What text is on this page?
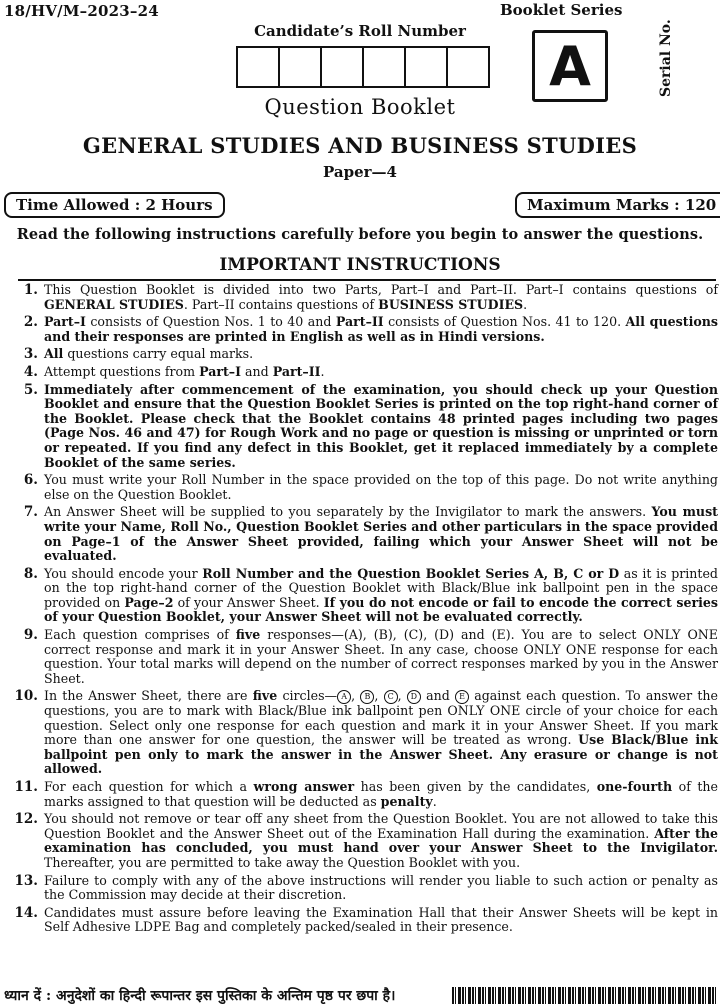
18/HV/M–2023–24	Booklet Series
Candidate’s Roll Number
A	Serial No.
Question Booklet
GENERAL STUDIES AND BUSINESS STUDIES
Paper—4
Time Allowed : 2 Hours	Maximum Marks : 120
Read the following instructions carefully before you begin to answer the questions.
IMPORTANT INSTRUCTIONS
1. This Question Booklet is divided into two Parts, Part–I and Part–II. Part–I contains questions of GENERAL STUDIES. Part–II contains questions of BUSINESS STUDIES.
2. Part–I consists of Question Nos. 1 to 40 and Part–II consists of Question Nos. 41 to 120. All questions and their responses are printed in English as well as in Hindi versions.
3. All questions carry equal marks.
4. Attempt questions from Part–I and Part–II.
5. Immediately after commencement of the examination, you should check up your Question Booklet and ensure that the Question Booklet Series is printed on the top right-hand corner of the Booklet. Please check that the Booklet contains 48 printed pages including two pages (Page Nos. 46 and 47) for Rough Work and no page or question is missing or unprinted or torn or repeated. If you find any defect in this Booklet, get it replaced immediately by a complete Booklet of the same series.
6. You must write your Roll Number in the space provided on the top of this page. Do not write anything else on the Question Booklet.
7. An Answer Sheet will be supplied to you separately by the Invigilator to mark the answers. You must write your Name, Roll No., Question Booklet Series and other particulars in the space provided on Page–1 of the Answer Sheet provided, failing which your Answer Sheet will not be evaluated.
8. You should encode your Roll Number and the Question Booklet Series A, B, C or D as it is printed on the top right-hand corner of the Question Booklet with Black/Blue ink ballpoint pen in the space provided on Page–2 of your Answer Sheet. If you do not encode or fail to encode the correct series of your Question Booklet, your Answer Sheet will not be evaluated correctly.
9. Each question comprises of five responses—(A), (B), (C), (D) and (E). You are to select ONLY ONE correct response and mark it in your Answer Sheet. In any case, choose ONLY ONE response for each question. Your total marks will depend on the number of correct responses marked by you in the Answer Sheet.
10. In the Answer Sheet, there are five circles— A , B , C , D and E against each question. To answer the questions, you are to mark with Black/Blue ink ballpoint pen ONLY ONE circle of your choice for each question. Select only one response for each question and mark it in your Answer Sheet. If you mark more than one answer for one question, the answer will be treated as wrong. Use Black/Blue ink ballpoint pen only to mark the answer in the Answer Sheet. Any erasure or change is not allowed.
11. For each question for which a wrong answer has been given by the candidates, one-fourth of the marks assigned to that question will be deducted as penalty.
12. You should not remove or tear off any sheet from the Question Booklet. You are not allowed to take this Question Booklet and the Answer Sheet out of the Examination Hall during the examination. After the examination has concluded, you must hand over your Answer Sheet to the Invigilator. Thereafter, you are permitted to take away the Question Booklet with you.
13. Failure to comply with any of the above instructions will render you liable to such action or penalty as the Commission may decide at their discretion.
14. Candidates must assure before leaving the Examination Hall that their Answer Sheets will be kept in Self Adhesive LDPE Bag and completely packed/sealed in their presence.
ध्यान दें : अनुदेशों का हिन्दी रूपान्तर इस पुस्तिका के अन्तिम पृष्ठ पर छपा है।
